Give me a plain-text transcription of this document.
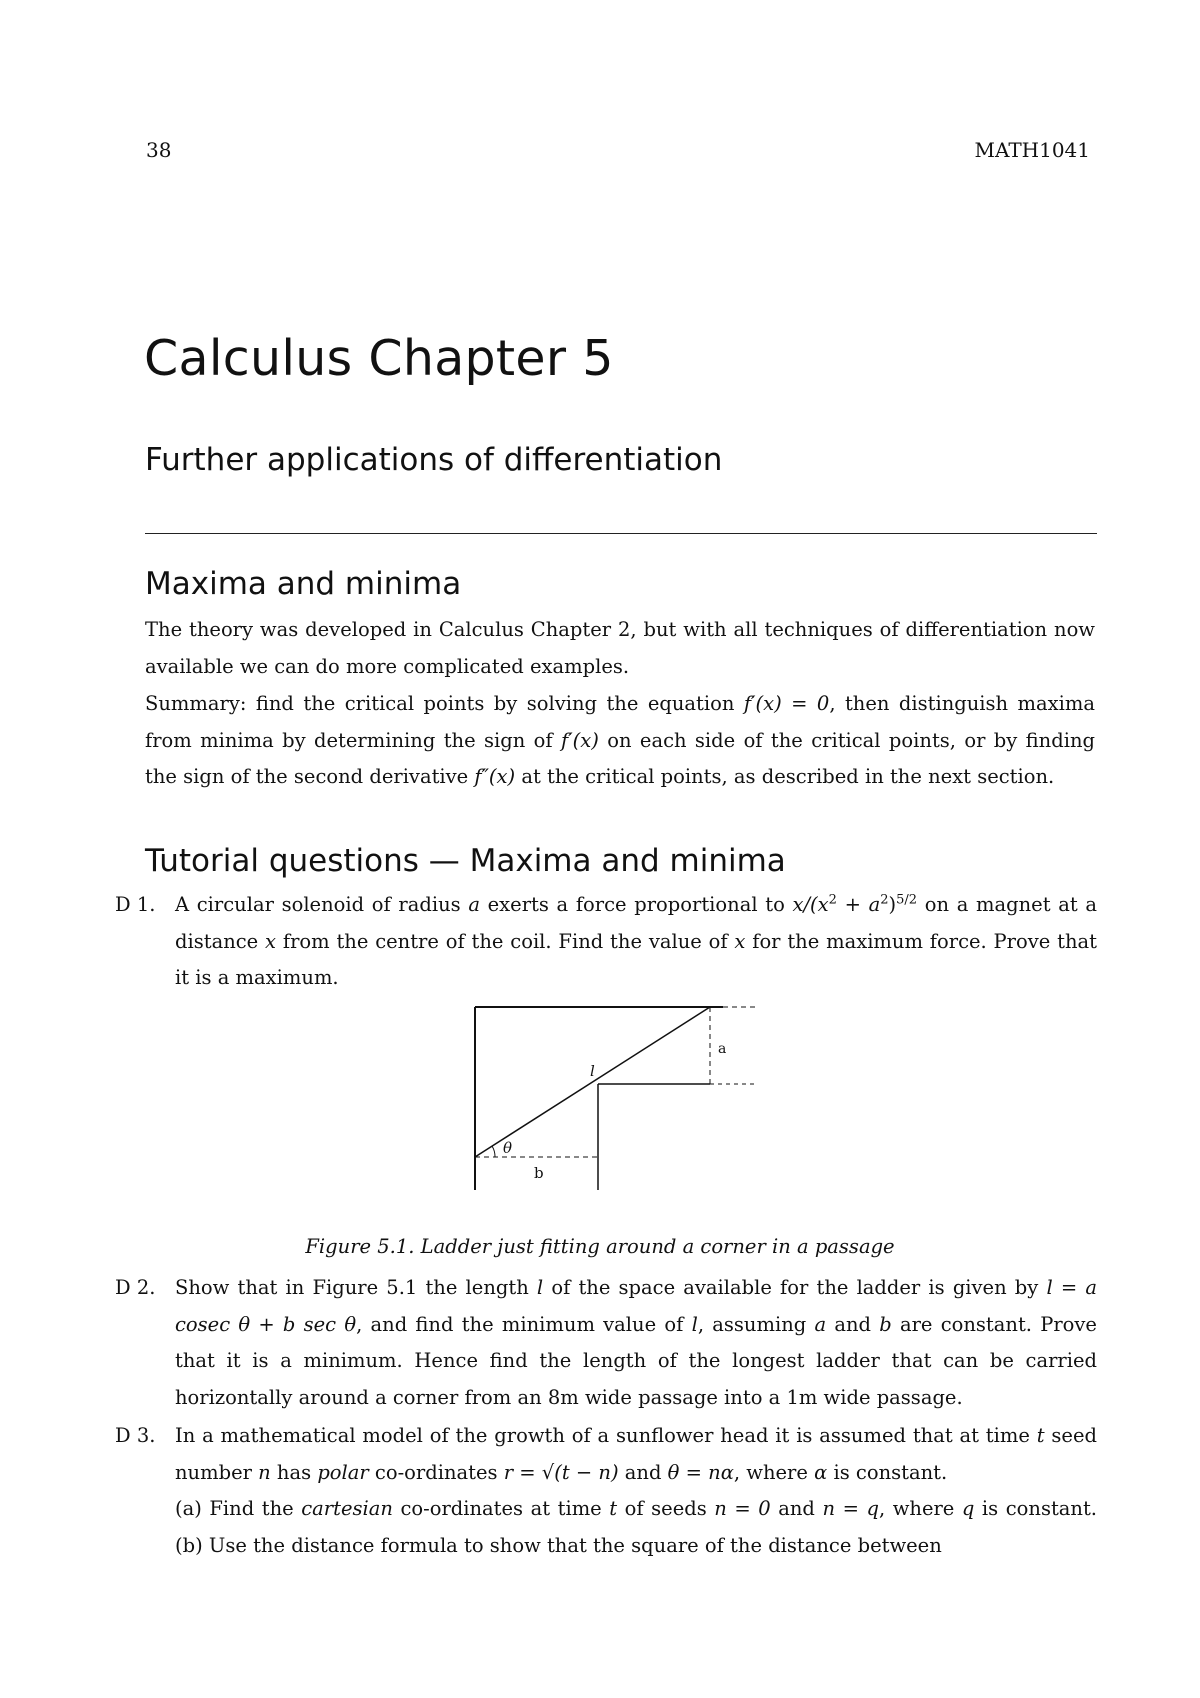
38	MATH1041
Calculus Chapter 5
Further applications of differentiation
Maxima and minima

The theory was developed in Calculus Chapter 2, but with all techniques of differentiation now available we can do more complicated examples.

Summary: find the critical points by solving the equation f′(x) = 0, then distinguish maxima from minima by determining the sign of f′(x) on each side of the critical points, or by finding the sign of the second derivative f″(x) at the critical points, as described in the next section.

Tutorial questions — Maxima and minima
D 1.	A circular solenoid of radius a exerts a force proportional to $x/(x^2 + a^2)^{5/2}$ on a magnet at a distance x from the centre of the coil. Find the value of x for the maximum force. Prove that it is a maximum.
a
b
l
θ
Figure 5.1. Ladder just fitting around a corner in a passage
D 2.	Show that in Figure 5.1 the length l of the space available for the ladder is given by l = a cosec θ + b sec θ, and find the minimum value of l, assuming a and b are constant. Prove that it is a minimum. Hence find the length of the longest ladder that can be carried horizontally around a corner from an 8m wide passage into a 1m wide passage.
D 3.	In a mathematical model of the growth of a sunflower head it is assumed that at time t seed number n has polar co-ordinates r = √(t − n) and θ = nα, where α is constant.

(a) Find the cartesian co-ordinates at time t of seeds n = 0 and n = q, where q is constant. (b) Use the distance formula to show that the square of the distance between
